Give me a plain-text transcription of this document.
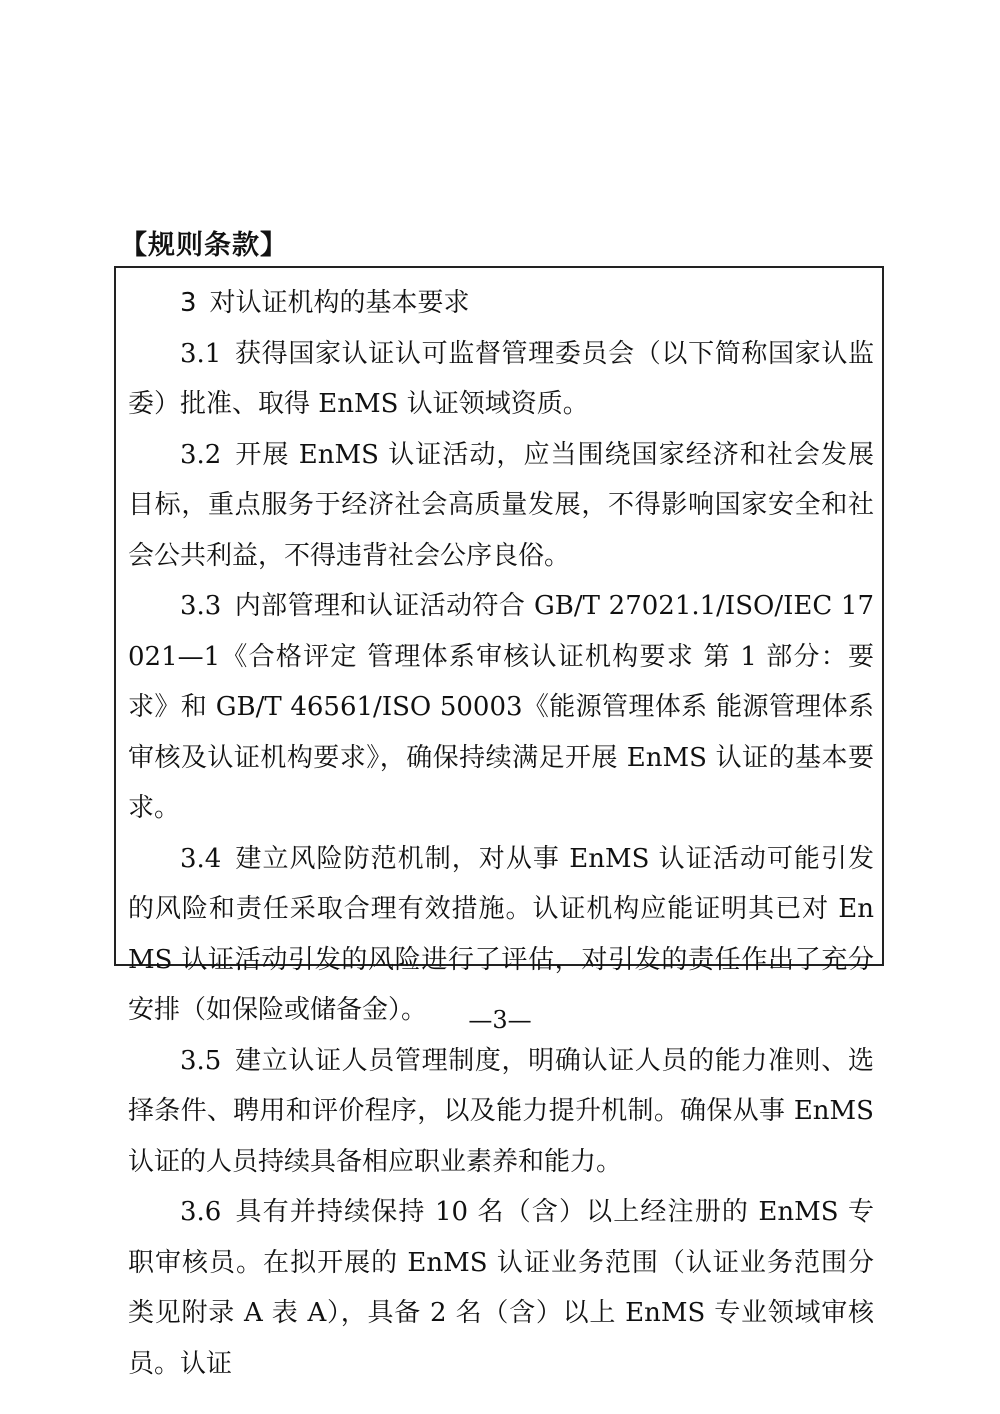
【规则条款】

3 对认证机构的基本要求

3.1 获得国家认证认可监督管理委员会（以下简称国家认监委）批准、取得 EnMS 认证领域资质。

3.2 开展 EnMS 认证活动，应当围绕国家经济和社会发展目标，重点服务于经济社会高质量发展，不得影响国家安全和社会公共利益，不得违背社会公序良俗。

3.3 内部管理和认证活动符合 GB/T 27021.1/ISO/IEC 17021—1《合格评定 管理体系审核认证机构要求 第 1 部分：要求》和 GB/T 46561/ISO 50003《能源管理体系 能源管理体系审核及认证机构要求》，确保持续满足开展 EnMS 认证的基本要求。

3.4 建立风险防范机制，对从事 EnMS 认证活动可能引发的风险和责任采取合理有效措施。认证机构应能证明其已对 EnMS 认证活动引发的风险进行了评估，对引发的责任作出了充分安排（如保险或储备金）。

3.5 建立认证人员管理制度，明确认证人员的能力准则、选择条件、聘用和评价程序，以及能力提升机制。确保从事 EnMS 认证的人员持续具备相应职业素养和能力。

3.6 具有并持续保持 10 名（含）以上经注册的 EnMS 专职审核员。在拟开展的 EnMS 认证业务范围（认证业务范围分类见附录 A 表 A），具备 2 名（含）以上 EnMS 专业领域审核员。认证

—3—
